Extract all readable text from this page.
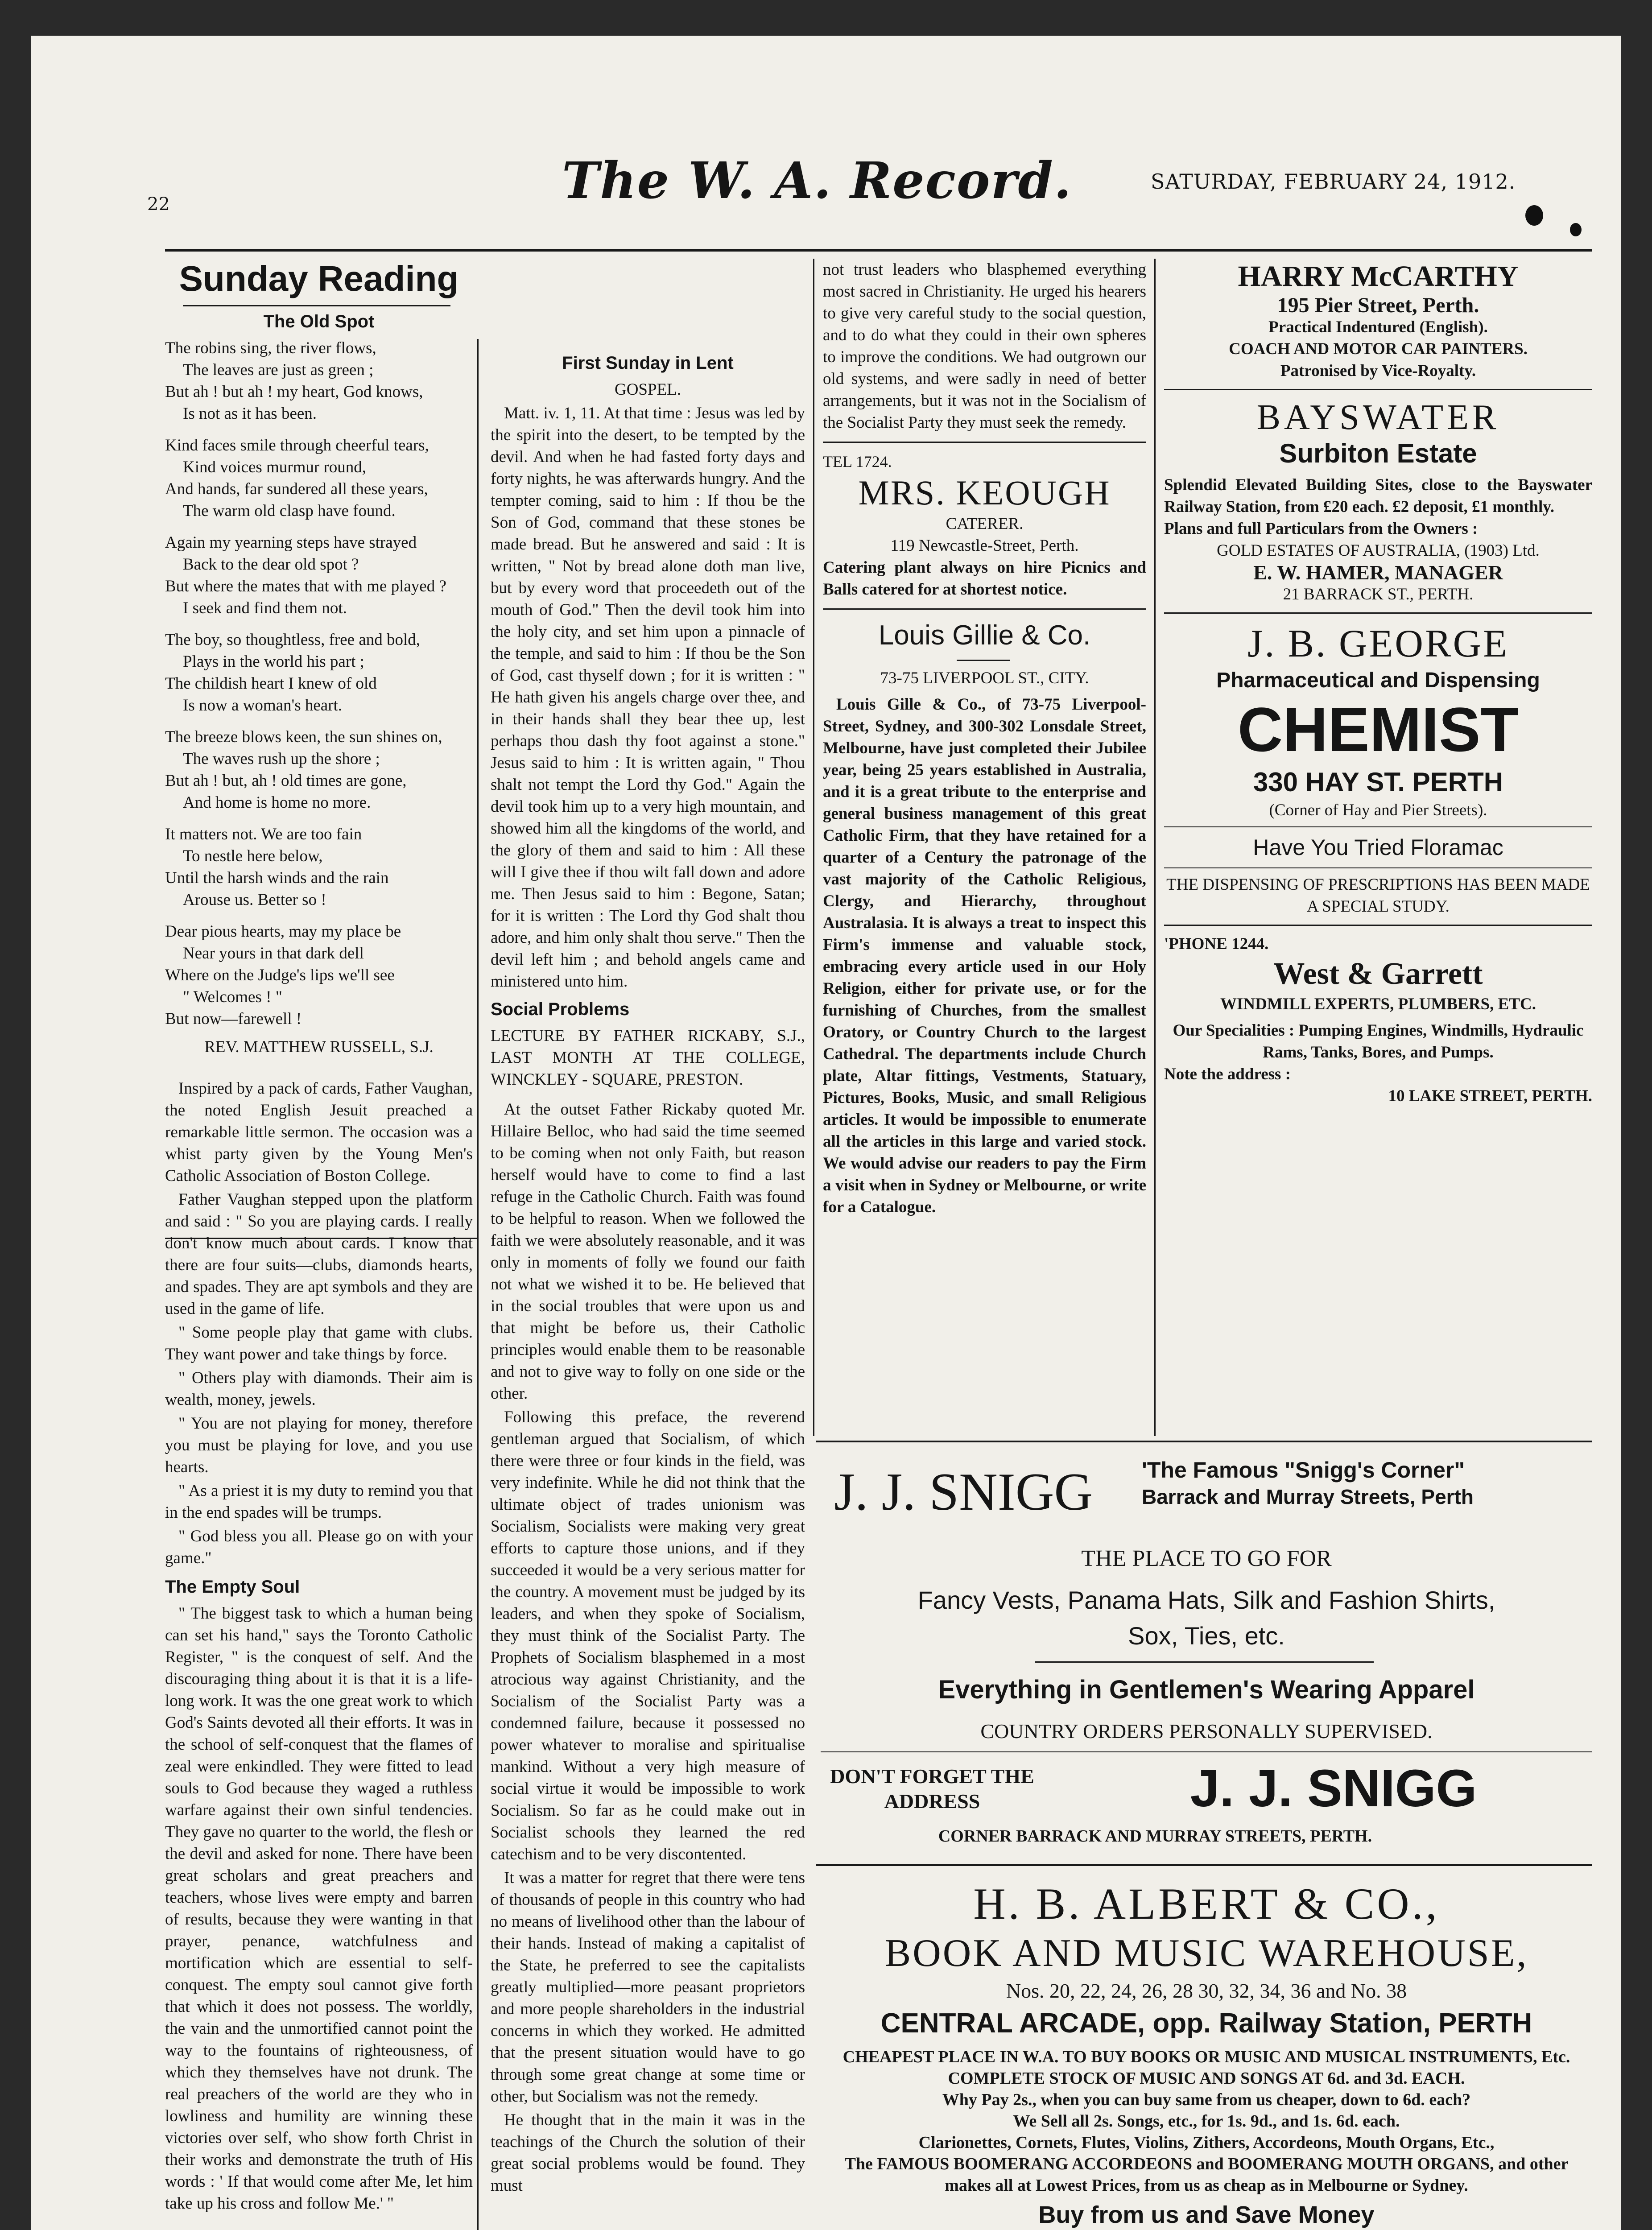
22	The W. A. Record.	SATURDAY, FEBRUARY 24, 1912.
Sunday Reading
The Old Spot

The robins sing, the river flows,

The leaves are just as green ;

But ah ! but ah ! my heart, God knows,

Is not as it has been.

Kind faces smile through cheerful tears,

Kind voices murmur round,

And hands, far sundered all these years,

The warm old clasp have found.

Again my yearning steps have strayed

Back to the dear old spot ?

But where the mates that with me played ?

I seek and find them not.

The boy, so thoughtless, free and bold,

Plays in the world his part ;

The childish heart I knew of old

Is now a woman's heart.

The breeze blows keen, the sun shines on,

The waves rush up the shore ;

But ah ! but, ah ! old times are gone,

And home is home no more.

It matters not. We are too fain

To nestle here below,

Until the harsh winds and the rain

Arouse us. Better so !

Dear pious hearts, may my place be

Near yours in that dark dell

Where on the Judge's lips we'll see

" Welcomes ! "

But now—farewell !

REV. MATTHEW RUSSELL, S.J.

Inspired by a pack of cards, Father Vaughan, the noted English Jesuit preached a remarkable little sermon. The occasion was a whist party given by the Young Men's Catholic Association of Boston College.

Father Vaughan stepped upon the platform and said : " So you are playing cards. I really don't know much about cards. I know that there are four suits—clubs, diamonds hearts, and spades. They are apt symbols and they are used in the game of life.

" Some people play that game with clubs. They want power and take things by force.

" Others play with diamonds. Their aim is wealth, money, jewels.

" You are not playing for money, therefore you must be playing for love, and you use hearts.

" As a priest it is my duty to remind you that in the end spades will be trumps.

" God bless you all. Please go on with your game."

The Empty Soul

" The biggest task to which a human being can set his hand," says the Toronto Catholic Register, " is the conquest of self. And the discouraging thing about it is that it is a life-long work. It was the one great work to which God's Saints devoted all their efforts. It was in the school of self-conquest that the flames of zeal were enkindled. They were fitted to lead souls to God because they waged a ruthless warfare against their own sinful tendencies. They gave no quarter to the world, the flesh or the devil and asked for none. There have been great scholars and great preachers and teachers, whose lives were empty and barren of results, because they were wanting in that prayer, penance, watchfulness and mortification which are essential to self-conquest. The empty soul cannot give forth that which it does not possess. The worldly, the vain and the unmortified cannot point the way to the fountains of righteousness, of which they themselves have not drunk. The real preachers of the world are they who in lowliness and humility are winning these victories over self, who show forth Christ in their works and demonstrate the truth of His words : ' If that would come after Me, let him take up his cross and follow Me.' "

First Sunday in Lent

GOSPEL.

Matt. iv. 1, 11. At that time : Jesus was led by the spirit into the desert, to be tempted by the devil. And when he had fasted forty days and forty nights, he was afterwards hungry. And the tempter coming, said to him : If thou be the Son of God, command that these stones be made bread. But he answered and said : It is written, " Not by bread alone doth man live, but by every word that proceedeth out of the mouth of God." Then the devil took him into the holy city, and set him upon a pinnacle of the temple, and said to him : If thou be the Son of God, cast thyself down ; for it is written : " He hath given his angels charge over thee, and in their hands shall they bear thee up, lest perhaps thou dash thy foot against a stone." Jesus said to him : It is written again, " Thou shalt not tempt the Lord thy God." Again the devil took him up to a very high mountain, and showed him all the kingdoms of the world, and the glory of them and said to him : All these will I give thee if thou wilt fall down and adore me. Then Jesus said to him : Begone, Satan; for it is written : The Lord thy God shalt thou adore, and him only shalt thou serve." Then the devil left him ; and behold angels came and ministered unto him.

Social Problems

LECTURE BY FATHER RICKABY, S.J., LAST MONTH AT THE COLLEGE, WINCKLEY - SQUARE, PRESTON.

At the outset Father Rickaby quoted Mr. Hillaire Belloc, who had said the time seemed to be coming when not only Faith, but reason herself would have to come to find a last refuge in the Catholic Church. Faith was found to be helpful to reason. When we followed the faith we were absolutely reasonable, and it was only in moments of folly we found our faith not what we wished it to be. He believed that in the social troubles that were upon us and that might be before us, their Catholic principles would enable them to be reasonable and not to give way to folly on one side or the other.

Following this preface, the reverend gentleman argued that Socialism, of which there were three or four kinds in the field, was very indefinite. While he did not think that the ultimate object of trades unionism was Socialism, Socialists were making very great efforts to capture those unions, and if they succeeded it would be a very serious matter for the country. A movement must be judged by its leaders, and when they spoke of Socialism, they must think of the Socialist Party. The Prophets of Socialism blasphemed in a most atrocious way against Christianity, and the Socialism of the Socialist Party was a condemned failure, because it possessed no power whatever to moralise and spiritualise mankind. Without a very high measure of social virtue it would be impossible to work Socialism. So far as he could make out in Socialist schools they learned the red catechism and to be very discontented.

It was a matter for regret that there were tens of thousands of people in this country who had no means of livelihood other than the labour of their hands. Instead of making a capitalist of the State, he preferred to see the capitalists greatly multiplied—more peasant proprietors and more people shareholders in the industrial concerns in which they worked. He admitted that the present situation would have to go through some great change at some time or other, but Socialism was not the remedy.

He thought that in the main it was in the teachings of the Church the solution of their great social problems would be found. They must

not trust leaders who blasphemed everything most sacred in Christianity. He urged his hearers to give very careful study to the social question, and to do what they could in their own spheres to improve the conditions. We had outgrown our old systems, and were sadly in need of better arrangements, but it was not in the Socialism of the Socialist Party they must seek the remedy.

TEL 1724.
MRS. KEOUGH
CATERER.
119 Newcastle-Street, Perth.
Catering plant always on hire Picnics and Balls catered for at shortest notice.
Louis Gillie & Co.
73-75 LIVERPOOL ST., CITY.

Louis Gille & Co., of 73-75 Liverpool-Street, Sydney, and 300-302 Lonsdale Street, Melbourne, have just completed their Jubilee year, being 25 years established in Australia, and it is a great tribute to the enterprise and general business management of this great Catholic Firm, that they have retained for a quarter of a Century the patronage of the vast majority of the Catholic Religious, Clergy, and Hierarchy, throughout Australasia. It is always a treat to inspect this Firm's immense and valuable stock, embracing every article used in our Holy Religion, either for private use, or for the furnishing of Churches, from the smallest Oratory, or Country Church to the largest Cathedral. The departments include Church plate, Altar fittings, Vestments, Statuary, Pictures, Books, Music, and small Religious articles. It would be impossible to enumerate all the articles in this large and varied stock. We would advise our readers to pay the Firm a visit when in Sydney or Melbourne, or write for a Catalogue.

HARRY McCARTHY
195 Pier Street, Perth.
Practical Indentured (English).
COACH AND MOTOR CAR PAINTERS.
Patronised by Vice-Royalty.
BAYSWATER
Surbiton Estate
Splendid Elevated Building Sites, close to the Bayswater Railway Station, from £20 each. £2 deposit, £1 monthly.
Plans and full Particulars from the Owners :
GOLD ESTATES OF AUSTRALIA, (1903) Ltd.
E. W. HAMER, MANAGER
21 BARRACK ST., PERTH.
J. B. GEORGE
Pharmaceutical and Dispensing
CHEMIST
330 HAY ST. PERTH
(Corner of Hay and Pier Streets).
Have You Tried Floramac
THE DISPENSING OF PRESCRIPTIONS HAS BEEN MADE A SPECIAL STUDY.
'PHONE 1244.
West & Garrett
WINDMILL EXPERTS, PLUMBERS, ETC.
Our Specialities : Pumping Engines, Windmills, Hydraulic Rams, Tanks, Bores, and Pumps.
Note the address :
10 LAKE STREET, PERTH.
J. J. SNIGG	'The Famous "Snigg's Corner"
Barrack and Murray Streets, Perth
THE PLACE TO GO FOR
Fancy Vests, Panama Hats, Silk and Fashion Shirts,
Sox, Ties, etc.
Everything in Gentlemen's Wearing Apparel
COUNTRY ORDERS PERSONALLY SUPERVISED.
DON'T FORGET THE ADDRESS	J. J. SNIGG
CORNER BARRACK AND MURRAY STREETS, PERTH.
H. B. ALBERT & CO.,
BOOK AND MUSIC WAREHOUSE,
Nos. 20, 22, 24, 26, 28 30, 32, 34, 36 and No. 38
CENTRAL ARCADE, opp. Railway Station, PERTH
CHEAPEST PLACE IN W.A. TO BUY BOOKS OR MUSIC AND MUSICAL INSTRUMENTS, Etc.
COMPLETE STOCK OF MUSIC AND SONGS AT 6d. and 3d. EACH.
Why Pay 2s., when you can buy same from us cheaper, down to 6d. each?
We Sell all 2s. Songs, etc., for 1s. 9d., and 1s. 6d. each.
Clarionettes, Cornets, Flutes, Violins, Zithers, Accordeons, Mouth Organs, Etc.,
The FAMOUS BOOMERANG ACCORDEONS and BOOMERANG MOUTH ORGANS, and other makes all at Lowest Prices, from us as cheap as in Melbourne or Sydney.
Buy from us and Save Money
